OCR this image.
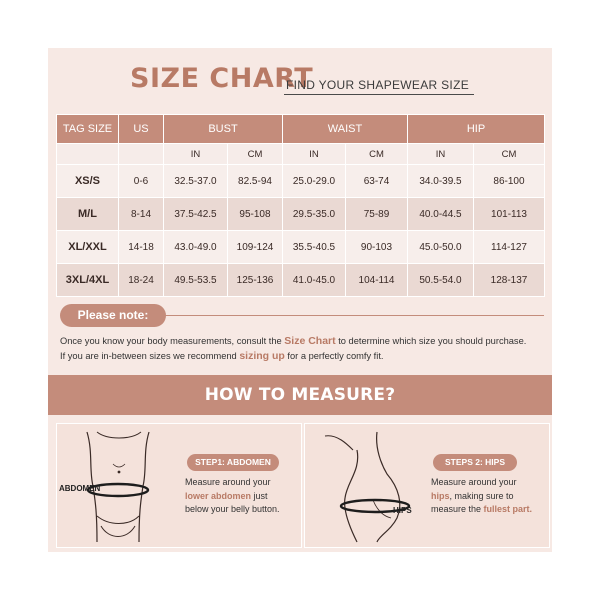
SIZE CHART
FIND YOUR SHAPEWEAR SIZE
TAG SIZE	US	BUST		WAIST		HIP	
		IN	CM	IN	CM	IN	CM
XS/S	0-6	32.5-37.0	82.5-94	25.0-29.0	63-74	34.0-39.5	86-100
M/L	8-14	37.5-42.5	95-108	29.5-35.0	75-89	40.0-44.5	101-113
XL/XXL	14-18	43.0-49.0	109-124	35.5-40.5	90-103	45.0-50.0	114-127
3XL/4XL	18-24	49.5-53.5	125-136	41.0-45.0	104-114	50.5-54.0	128-137
Please note:
Once you know your body measurements, consult the Size Chart to determine which size you should purchase.
If you are in-between sizes we recommend sizing up for a perfectly comfy fit.
HOW TO MEASURE?
ABDOMEN
STEP1: ABDOMEN
Measure around your
lower abdomen just
below your belly button.	HIPS
STEPS 2: HIPS
Measure around your
hips, making sure to
measure the fullest part.
